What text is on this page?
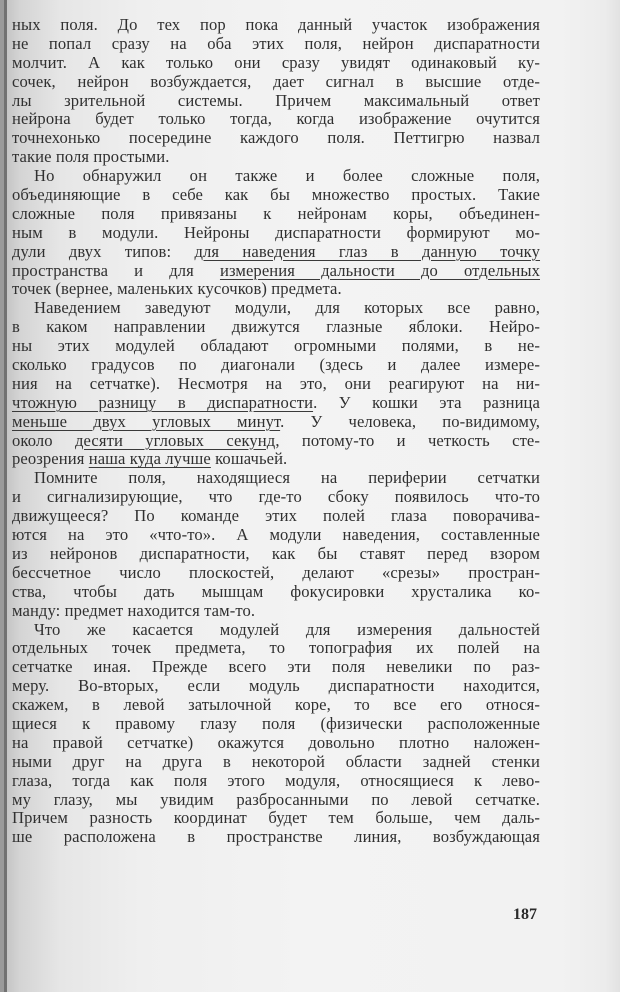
ных поля. До тех пор пока данный участок изображения
не попал сразу на оба этих поля, нейрон диспаратности
молчит. А как только они сразу увидят одинаковый ку-
сочек, нейрон возбуждается, дает сигнал в высшие отде-
лы зрительной системы. Причем максимальный ответ
нейрона будет только тогда, когда изображение очутится
точнехонько посередине каждого поля. Петтигрю назвал
такие поля простыми.
Но обнаружил он также и более сложные поля,
объединяющие в себе как бы множество простых. Такие
сложные поля привязаны к нейронам коры, объединен-
ным в модули. Нейроны диспаратности формируют мо-
дули двух типов: для наведения глаз в данную точку
пространства и для измерения дальности до отдельных
точек (вернее, маленьких кусочков) предмета.
Наведением заведуют модули, для которых все равно,
в каком направлении движутся глазные яблоки. Нейро-
ны этих модулей обладают огромными полями, в не-
сколько градусов по диагонали (здесь и далее измере-
ния на сетчатке). Несмотря на это, они реагируют на ни-
чтожную разницу в диспаратности. У кошки эта разница
меньше двух угловых минут. У человека, по-видимому,
около десяти угловых секунд, потому-то и четкость сте-
реозрения наша куда лучше кошачьей.
Помните поля, находящиеся на периферии сетчатки
и сигнализирующие, что где-то сбоку появилось что-то
движущееся? По команде этих полей глаза поворачива-
ются на это «что-то». А модули наведения, составленные
из нейронов диспаратности, как бы ставят перед взором
бессчетное число плоскостей, делают «срезы» простран-
ства, чтобы дать мышцам фокусировки хрусталика ко-
манду: предмет находится там-то.
Что же касается модулей для измерения дальностей
отдельных точек предмета, то топография их полей на
сетчатке иная. Прежде всего эти поля невелики по раз-
меру. Во-вторых, если модуль диспаратности находится,
скажем, в левой затылочной коре, то все его относя-
щиеся к правому глазу поля (физически расположенные
на правой сетчатке) окажутся довольно плотно наложен-
ными друг на друга в некоторой области задней стенки
глаза, тогда как поля этого модуля, относящиеся к лево-
му глазу, мы увидим разбросанными по левой сетчатке.
Причем разность координат будет тем больше, чем даль-
ше расположена в пространстве линия, возбуждающая
187
